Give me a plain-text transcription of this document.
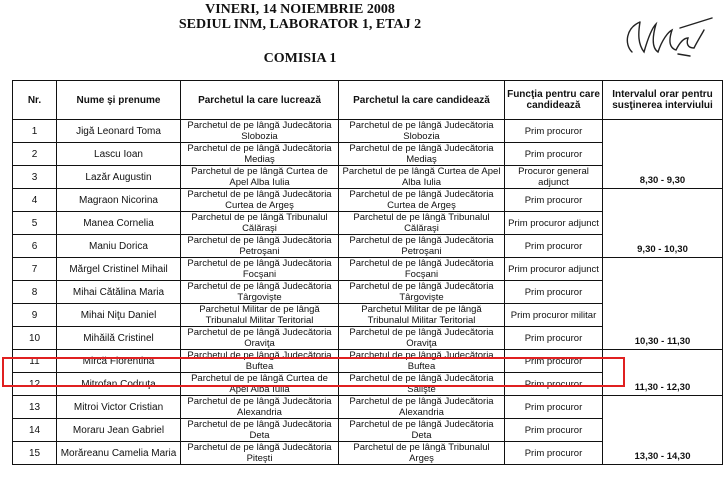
VINERI, 14 NOIEMBRIE 2008
SEDIUL INM, LABORATOR 1, ETAJ 2
COMISIA 1
Nr.	Nume şi prenume	Parchetul la care lucrează	Parchetul la care candidează	Funcţia pentru care candidează	Intervalul orar pentru susţinerea interviului
1	Jigă Leonard Toma	Parchetul de pe lângă Judecătoria Slobozia	Parchetul de pe lângă Judecătoria Slobozia	Prim procuror	8,30 - 9,30
2	Lascu Ioan	Parchetul de pe lângă Judecătoria Mediaş	Parchetul de pe lângă Judecătoria Mediaş	Prim procuror	
3	Lazăr Augustin	Parchetul de pe lângă Curtea de Apel Alba Iulia	Parchetul de pe lângă Curtea de Apel Alba Iulia	Procuror general adjunct	
4	Magraon Nicorina	Parchetul de pe lângă Judecătoria Curtea de Argeş	Parchetul de pe lângă Judecătoria Curtea de Argeş	Prim procuror	9,30 - 10,30
5	Manea Cornelia	Parchetul de pe lângă Tribunalul Călăraşi	Parchetul de pe lângă Tribunalul Călăraşi	Prim procuror adjunct	
6	Maniu Dorica	Parchetul de pe lângă Judecătoria Petroşani	Parchetul de pe lângă Judecătoria Petroşani	Prim procuror	
7	Mărgel Cristinel Mihail	Parchetul de pe lângă Judecătoria Focşani	Parchetul de pe lângă Judecătoria Focşani	Prim procuror adjunct	10,30 - 11,30
8	Mihai Cătălina Maria	Parchetul de pe lângă Judecătoria Târgovişte	Parchetul de pe lângă Judecătoria Târgovişte	Prim procuror	
9	Mihai Niţu Daniel	Parchetul Militar de pe lângă Tribunalul Militar Teritorial	Parchetul Militar de pe lângă Tribunalul Militar Teritorial	Prim procuror militar	
10	Mihăilă Cristinel	Parchetul de pe lângă Judecătoria Oraviţa	Parchetul de pe lângă Judecătoria Oraviţa	Prim procuror	
11	Mircă Florentina	Parchetul de pe lângă Judecătoria Buftea	Parchetul de pe lângă Judecătoria Buftea	Prim procuror	11,30 - 12,30
12	Mitrofan Codruţa	Parchetul de pe lângă Curtea de Apel Alba Iulia	Parchetul de pe lângă Judecătoria Sălişte	Prim procuror	
13	Mitroi Victor Cristian	Parchetul de pe lângă Judecătoria Alexandria	Parchetul de pe lângă Judecătoria Alexandria	Prim procuror	13,30 - 14,30
14	Moraru Jean Gabriel	Parchetul de pe lângă Judecătoria Deta	Parchetul de pe lângă Judecătoria Deta	Prim procuror	
15	Morăreanu Camelia Maria	Parchetul de pe lângă Judecătoria Piteşti	Parchetul de pe lângă Tribunalul Argeş	Prim procuror	
